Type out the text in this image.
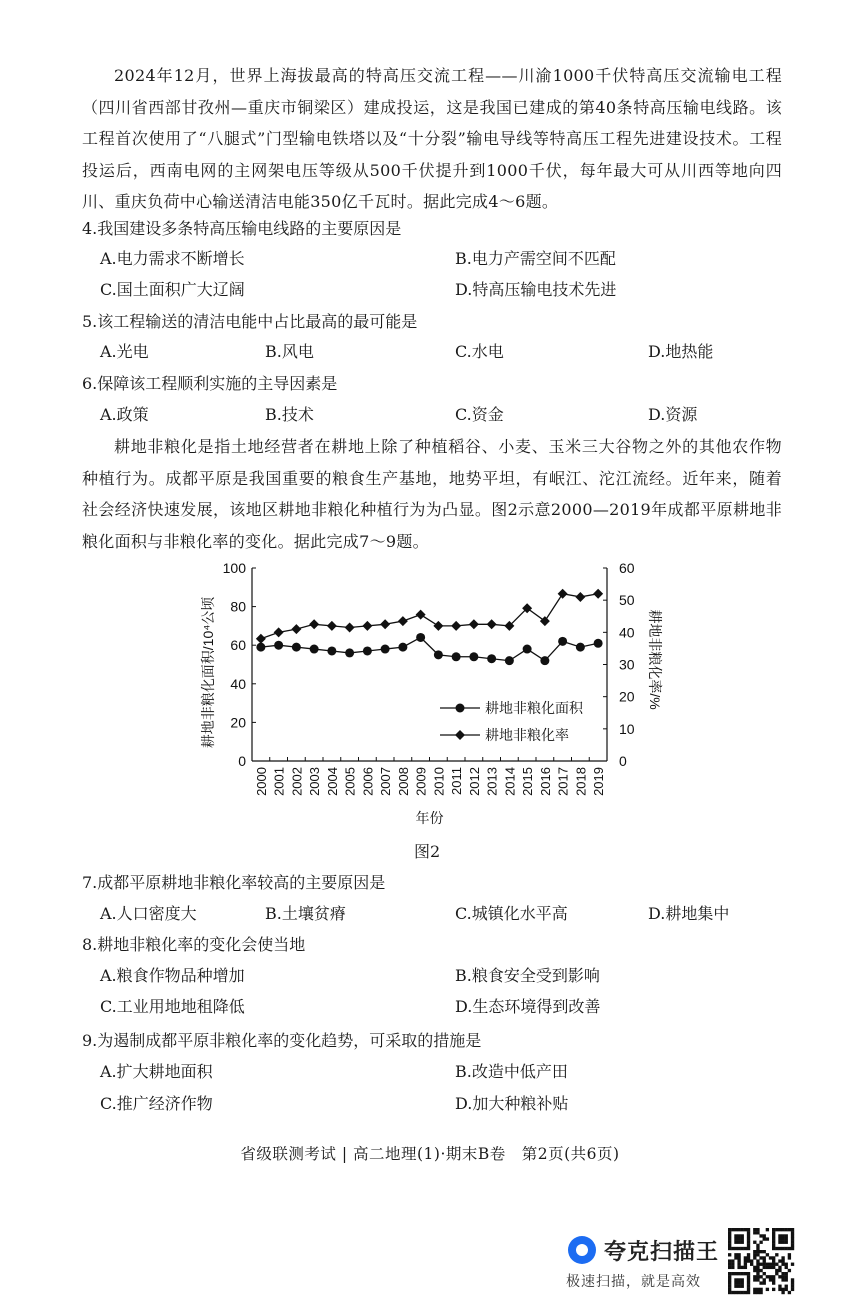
2024年12月，世界上海拔最高的特高压交流工程——川渝1000千伏特高压交流输电工程（四川省西部甘孜州—重庆市铜梁区）建成投运，这是我国已建成的第40条特高压输电线路。该工程首次使用了“八腿式”门型输电铁塔以及“十分裂”输电导线等特高压工程先进建设技术。工程投运后，西南电网的主网架电压等级从500千伏提升到1000千伏，每年最大可从川西等地向四川、重庆负荷中心输送清洁电能350亿千瓦时。据此完成4～6题。

4.我国建设多条特高压输电线路的主要原因是

A.电力需求不断增长	B.电力产需空间不匹配
C.国土面积广大辽阔	D.特高压输电技术先进

5.该工程输送的清洁电能中占比最高的最可能是

A.光电	B.风电	C.水电	D.地热能

6.保障该工程顺利实施的主导因素是

A.政策	B.技术	C.资金	D.资源

耕地非粮化是指土地经营者在耕地上除了种植稻谷、小麦、玉米三大谷物之外的其他农作物种植行为。成都平原是我国重要的粮食生产基地，地势平坦，有岷江、沱江流经。近年来，随着社会经济快速发展，该地区耕地非粮化种植行为为凸显。图2示意2000—2019年成都平原耕地非粮化面积与非粮化率的变化。据此完成7～9题。

0
20
40
60
80
100
0
10
20
30
40
50
60
2000 2001 2002 2003 2004 2005 2006 2007 2008 2009 2010 2011 2012 2013 2014 2015 2016 2017 2018 2019
年份
耕地非粮化面积/10⁴公顷	耕地非粮化率/%
耕地非粮化面积
耕地非粮化率
图2

7.成都平原耕地非粮化率较高的主要原因是

A.人口密度大	B.土壤贫瘠	C.城镇化水平高	D.耕地集中

8.耕地非粮化率的变化会使当地

A.粮食作物品种增加	B.粮食安全受到影响
C.工业用地地租降低	D.生态环境得到改善

9.为遏制成都平原非粮化率的变化趋势，可采取的措施是

A.扩大耕地面积	B.改造中低产田
C.推广经济作物	D.加大种粮补贴
省级联测考试 | 高二地理(1)·期末B卷　第2页(共6页)
夸克扫描王
极速扫描，就是高效
